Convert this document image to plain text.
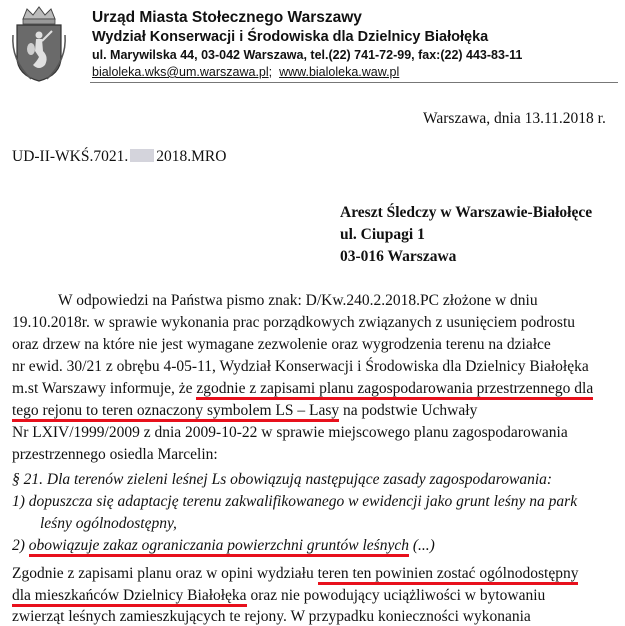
Urząd Miasta Stołecznego Warszawy
Wydział Konserwacji i Środowiska dla Dzielnicy Białołęka
ul. Marywilska 44, 03-042 Warszawa, tel.(22) 741-72-99, fax:(22) 443-83-11
bialoleka.wks@um.warszawa.pl; www.bialoleka.waw.pl
Warszawa, dnia 13.11.2018 r.
UD-II-WKŚ.7021. 2018.MRO
Areszt Śledczy w Warszawie-Białołęce
ul. Ciupagi 1
03-016 Warszawa
W odpowiedzi na Państwa pismo znak: D/Kw.240.2.2018.PC złożone w dniu
19.10.2018r. w sprawie wykonania prac porządkowych związanych z usunięciem podrostu
oraz drzew na które nie jest wymagane zezwolenie oraz wygrodzenia terenu na działce
nr ewid. 30/21 z obrębu 4-05-11, Wydział Konserwacji i Środowiska dla Dzielnicy Białołęka
m.st Warszawy informuje, że zgodnie z zapisami planu zagospodarowania przestrzennego dla
tego rejonu to teren oznaczony symbolem LS – Lasy na podstwie Uchwały
Nr LXIV/1999/2009 z dnia 2009-10-22 w sprawie miejscowego planu zagospodarowania
przestrzennego osiedla Marcelin:
§ 21. Dla terenów zieleni leśnej Ls obowiązują następujące zasady zagospodarowania:
1) dopuszcza się adaptację terenu zakwalifikowanego w ewidencji jako grunt leśny na park
leśny ogólnodostępny,
2) obowiązuje zakaz ograniczania powierzchni gruntów leśnych (...)
Zgodnie z zapisami planu oraz w opini wydziału teren ten powinien zostać ogólnodostępny
dla mieszkańców Dzielnicy Białołęka oraz nie powodujący uciążliwości w bytowaniu
zwierząt leśnych zamieszkujących te rejony. W przypadku konieczności wykonania
